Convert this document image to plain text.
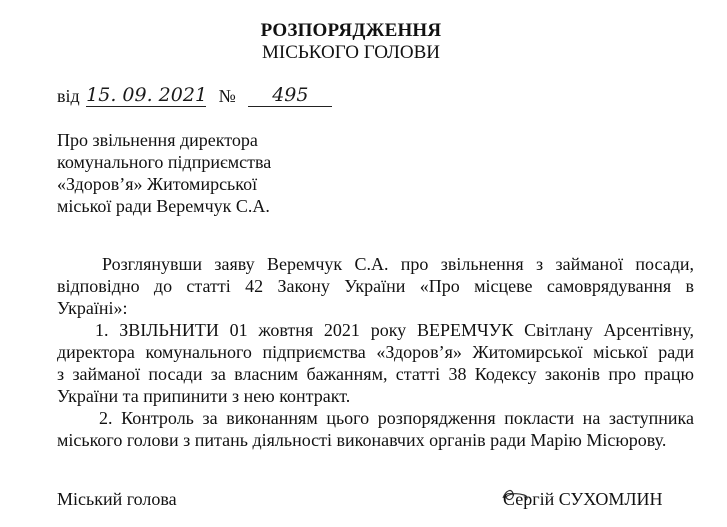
РОЗПОРЯДЖЕННЯ
МІСЬКОГО ГОЛОВИ
від 15. 09. 2021 № 495
Про звільнення директора
комунального підприємства
«Здоров’я» Житомирської
міської ради Веремчук С.А.

Розглянувши заяву Веремчук С.А. про звільнення з займаної посади,

відповідно до статті 42 Закону України «Про місцеве самоврядування в

Україні»:

1. ЗВІЛЬНИТИ 01 жовтня 2021 року ВЕРЕМЧУК Світлану Арсентівну,

директора комунального підприємства «Здоров’я» Житомирської міської ради

з займаної посади за власним бажанням, статті 38 Кодексу законів про працю

України та припинити з нею контракт.

2. Контроль за виконанням цього розпорядження покласти на заступника

міського голови з питань діяльності виконавчих органів ради Марію Місюрову.

Міський голова	Сергій СУХОМЛИН
